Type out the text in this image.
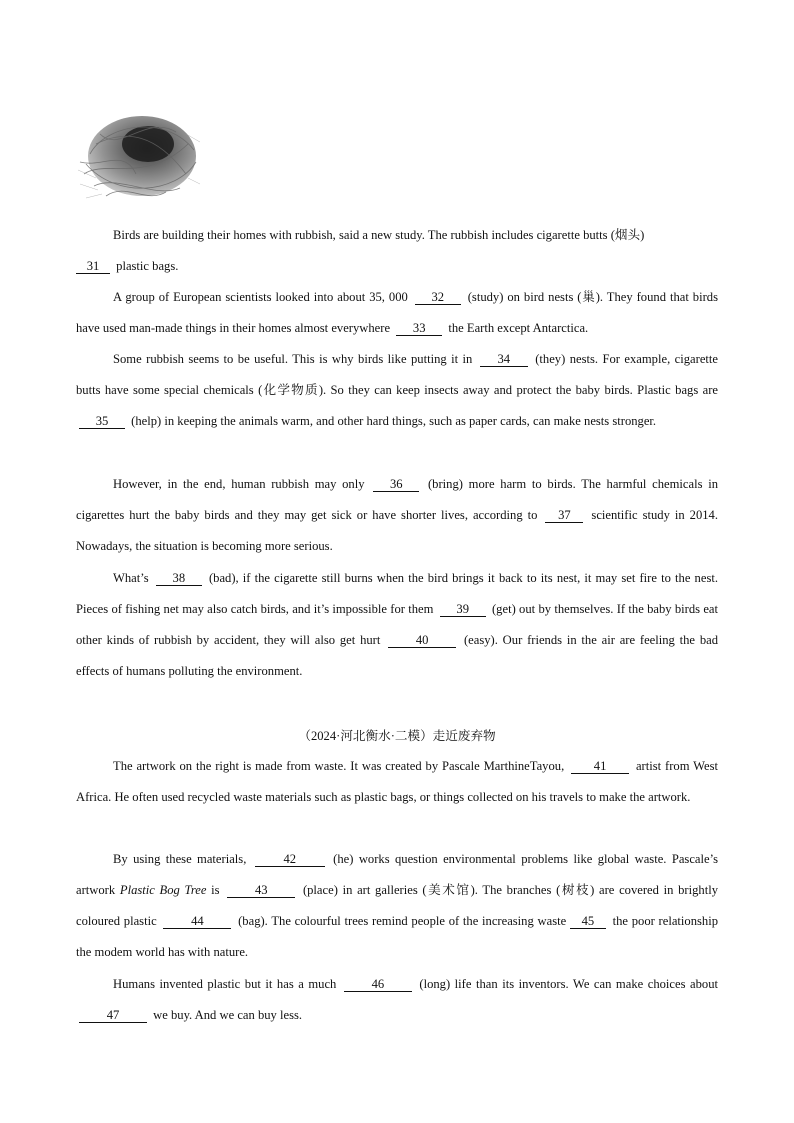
Birds are building their homes with rubbish, said a new study. The rubbish includes cigarette butts (烟头)
31 plastic bags.

A group of European scientists looked into about 35, 000 32 (study) on bird nests (巢). They found that birds have used man-made things in their homes almost everywhere 33 the Earth except Antarctica.

Some rubbish seems to be useful. This is why birds like putting it in 34 (they) nests. For example, cigarette butts have some special chemicals (化学物质). So they can keep insects away and protect the baby birds. Plastic bags are 35 (help) in keeping the animals warm, and other hard things, such as paper cards, can make nests stronger.

However, in the end, human rubbish may only 36 (bring) more harm to birds. The harmful chemicals in cigarettes hurt the baby birds and they may get sick or have shorter lives, according to 37 scientific study in 2014. Nowadays, the situation is becoming more serious.

What’s 38 (bad), if the cigarette still burns when the bird brings it back to its nest, it may set fire to the nest. Pieces of fishing net may also catch birds, and it’s impossible for them 39 (get) out by themselves. If the baby birds eat other kinds of rubbish by accident, they will also get hurt 40 (easy). Our friends in the air are feeling the bad effects of humans polluting the environment.

（2024·河北衡水·二模）走近废弃物

The artwork on the right is made from waste. It was created by Pascale MarthineTayou, 41 artist from West Africa. He often used recycled waste materials such as plastic bags, or things collected on his travels to make the artwork.

By using these materials,	42	(he) works question environmental problems like global waste. Pascale’s artwork Plastic Bog Tree is 43 (place) in art galleries (美术馆). The branches (树枝) are covered in brightly coloured plastic 44 (bag). The colourful trees remind people of the increasing waste 45 the poor relationship the modem world has with nature.

Humans invented plastic but it has a much 46 (long) life than its inventors. We can make choices about 47 we buy. And we can buy less.
